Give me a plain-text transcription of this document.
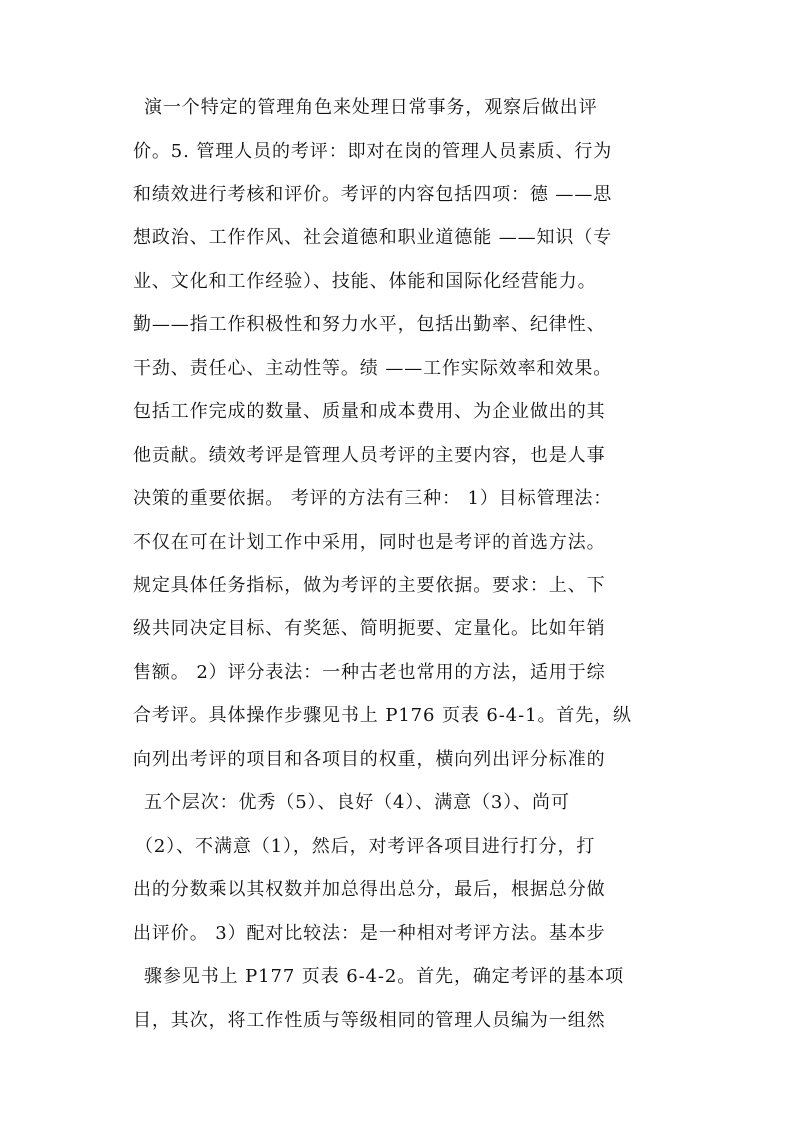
演一个特定的管理角色来处理日常事务，观察后做出评
价。5. 管理人员的考评：即对在岗的管理人员素质、行为
和绩效进行考核和评价。考评的内容包括四项：德 ——思
想政治、工作作风、社会道德和职业道德能 ——知识（专
业、文化和工作经验）、技能、体能和国际化经营能力。
勤——指工作积极性和努力水平，包括出勤率、纪律性、
干劲、责任心、主动性等。绩 ——工作实际效率和效果。
包括工作完成的数量、质量和成本费用、为企业做出的其
他贡献。绩效考评是管理人员考评的主要内容，也是人事
决策的重要依据。 考评的方法有三种： 1）目标管理法：
不仅在可在计划工作中采用，同时也是考评的首选方法。
规定具体任务指标，做为考评的主要依据。要求：上、下
级共同决定目标、有奖惩、简明扼要、定量化。比如年销
售额。 2）评分表法：一种古老也常用的方法，适用于综
合考评。具体操作步骤见书上 P176 页表 6-4-1。首先，纵
向列出考评的项目和各项目的权重，横向列出评分标准的
五个层次：优秀（5）、良好（4）、满意（3）、尚可
（2）、不满意（1），然后，对考评各项目进行打分，打
出的分数乘以其权数并加总得出总分，最后，根据总分做
出评价。 3）配对比较法：是一种相对考评方法。基本步
骤参见书上 P177 页表 6-4-2。首先，确定考评的基本项
目，其次，将工作性质与等级相同的管理人员编为一组然
